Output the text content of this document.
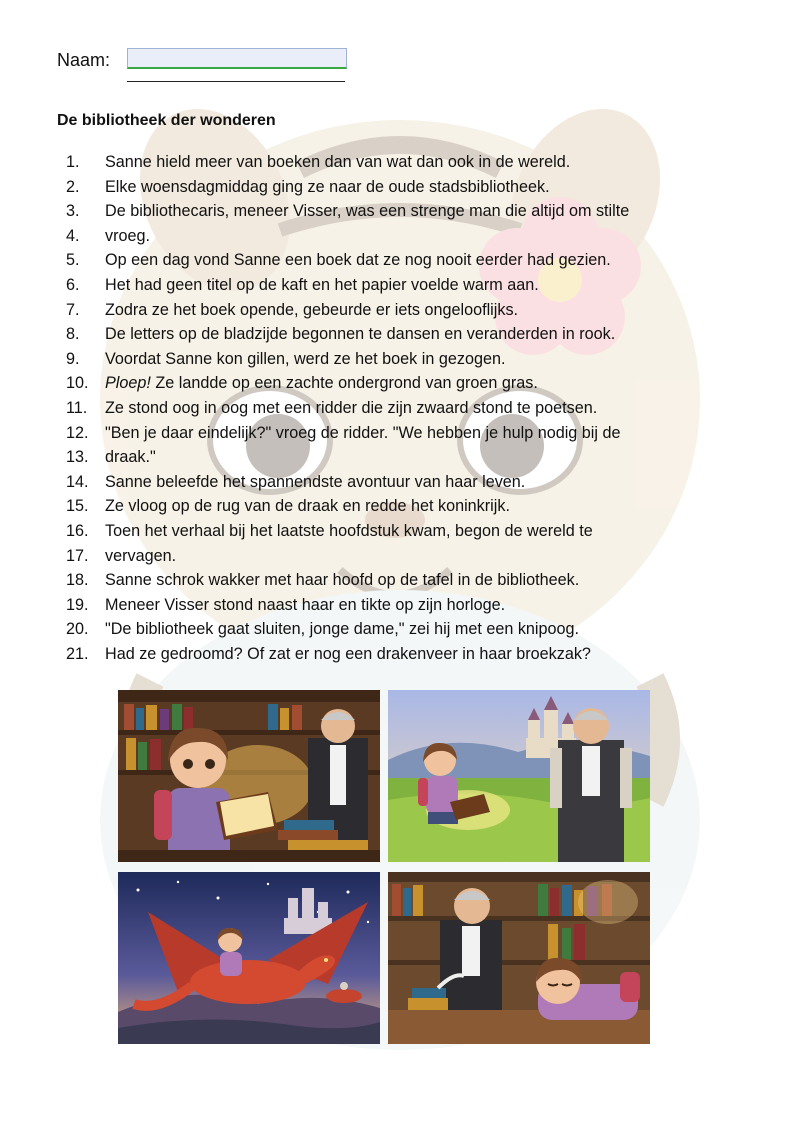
Naam:
De bibliotheek der wonderen
1.	Sanne hield meer van boeken dan van wat dan ook in de wereld.
2.	Elke woensdagmiddag ging ze naar de oude stadsbibliotheek.
3.	De bibliothecaris, meneer Visser, was een strenge man die altijd om stilte
4.	vroeg.
5.	Op een dag vond Sanne een boek dat ze nog nooit eerder had gezien.
6.	Het had geen titel op de kaft en het papier voelde warm aan.
7.	Zodra ze het boek opende, gebeurde er iets ongelooflijks.
8.	De letters op de bladzijde begonnen te dansen en veranderden in rook.
9.	Voordat Sanne kon gillen, werd ze het boek in gezogen.
10.	Ploep! Ze landde op een zachte ondergrond van groen gras.
11.	Ze stond oog in oog met een ridder die zijn zwaard stond te poetsen.
12.	"Ben je daar eindelijk?" vroeg de ridder. "We hebben je hulp nodig bij de
13.	draak."
14.	Sanne beleefde het spannendste avontuur van haar leven.
15.	Ze vloog op de rug van de draak en redde het koninkrijk.
16.	Toen het verhaal bij het laatste hoofdstuk kwam, begon de wereld te
17.	vervagen.
18.	Sanne schrok wakker met haar hoofd op de tafel in de bibliotheek.
19.	Meneer Visser stond naast haar en tikte op zijn horloge.
20.	"De bibliotheek gaat sluiten, jonge dame," zei hij met een knipoog.
21.	Had ze gedroomd? Of zat er nog een drakenveer in haar broekzak?
